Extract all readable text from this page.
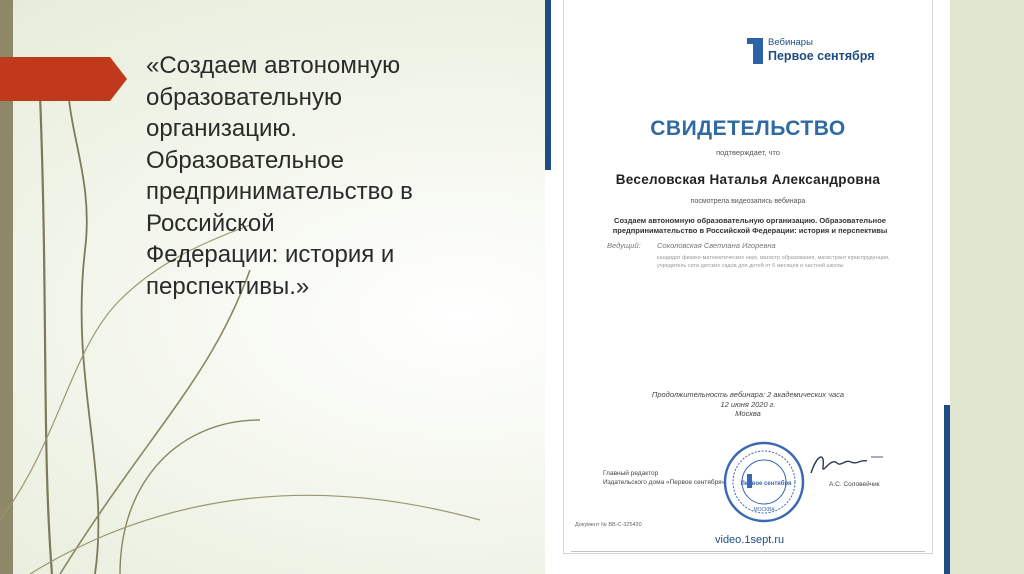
«Создаем автономную
образовательную
организацию.
Образовательное
предпринимательство в
Российской
Федерации: история и
перспективы.»

Вебинары
Первое сентября
СВИДЕТЕЛЬСТВО
подтверждает, что
Веселовская Наталья Александровна
посмотрела видеозапись вебинара
Создаем автономную образовательную организацию. Образовательное предпринимательство в Российской Федерации: история и перспективы
Ведущий: Соколовская Светлана Игоревна
кандидат физико-математических наук, магистр образования, магистрант юриспруденции, учредитель сети детских садов для детей от 6 месяцев и частной школы
Продолжительность вебинара: 2 академических часа
12 июня 2020 г.
Москва
Главный редактор
Издательского дома «Первое сентября»	Первое сентября
МОСКВА
А.С. Соловейчик
Документ № ВВ-С-325430
video.1sept.ru
